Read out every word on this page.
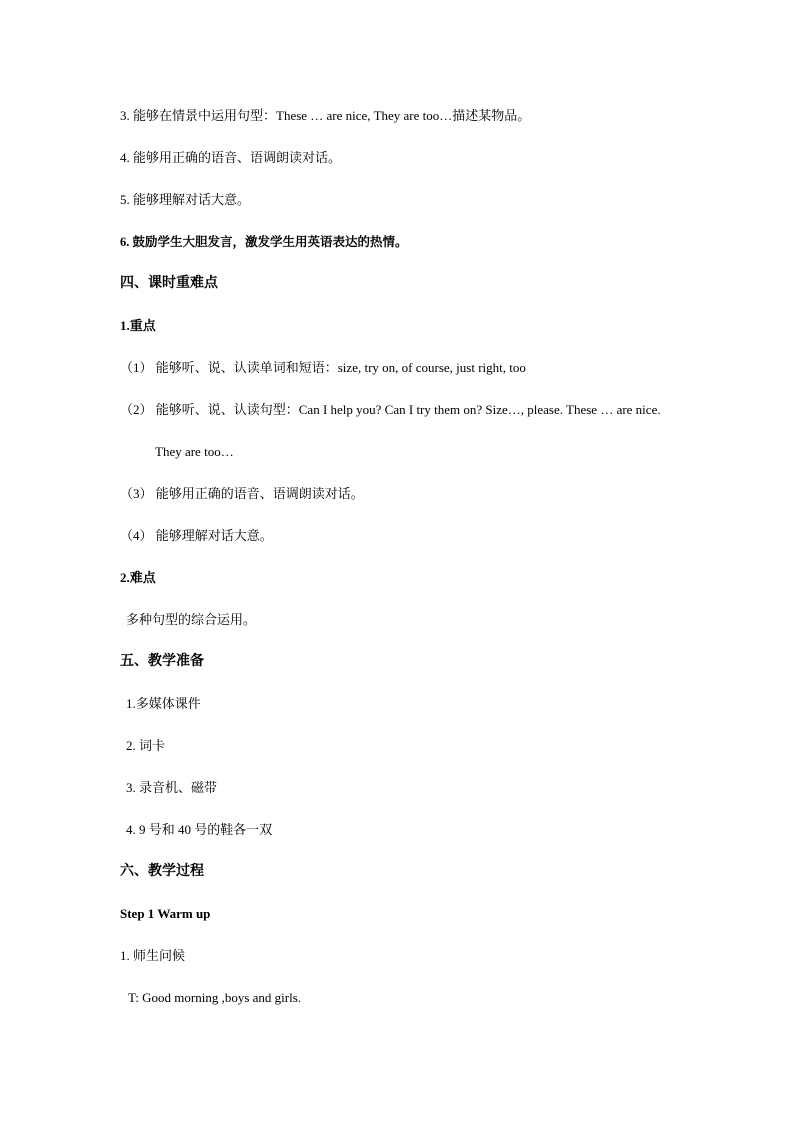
3. 能够在情景中运用句型：These … are nice, They are too…描述某物品。
4. 能够用正确的语音、语调朗读对话。
5. 能够理解对话大意。
6. 鼓励学生大胆发言，激发学生用英语表达的热情。
四、课时重难点
1.重点
（1） 能够听、说、认读单词和短语：size, try on, of course, just right, too
（2） 能够听、说、认读句型：Can I help you? Can I try them on? Size…, please. These … are nice.
They are too…
（3） 能够用正确的语音、语调朗读对话。
（4） 能够理解对话大意。
2.难点
多种句型的综合运用。
五、教学准备
1.多媒体课件
2. 词卡
3. 录音机、磁带
4. 9 号和 40 号的鞋各一双
六、教学过程
Step 1 Warm up
1. 师生问候
T: Good morning ,boys and girls.
